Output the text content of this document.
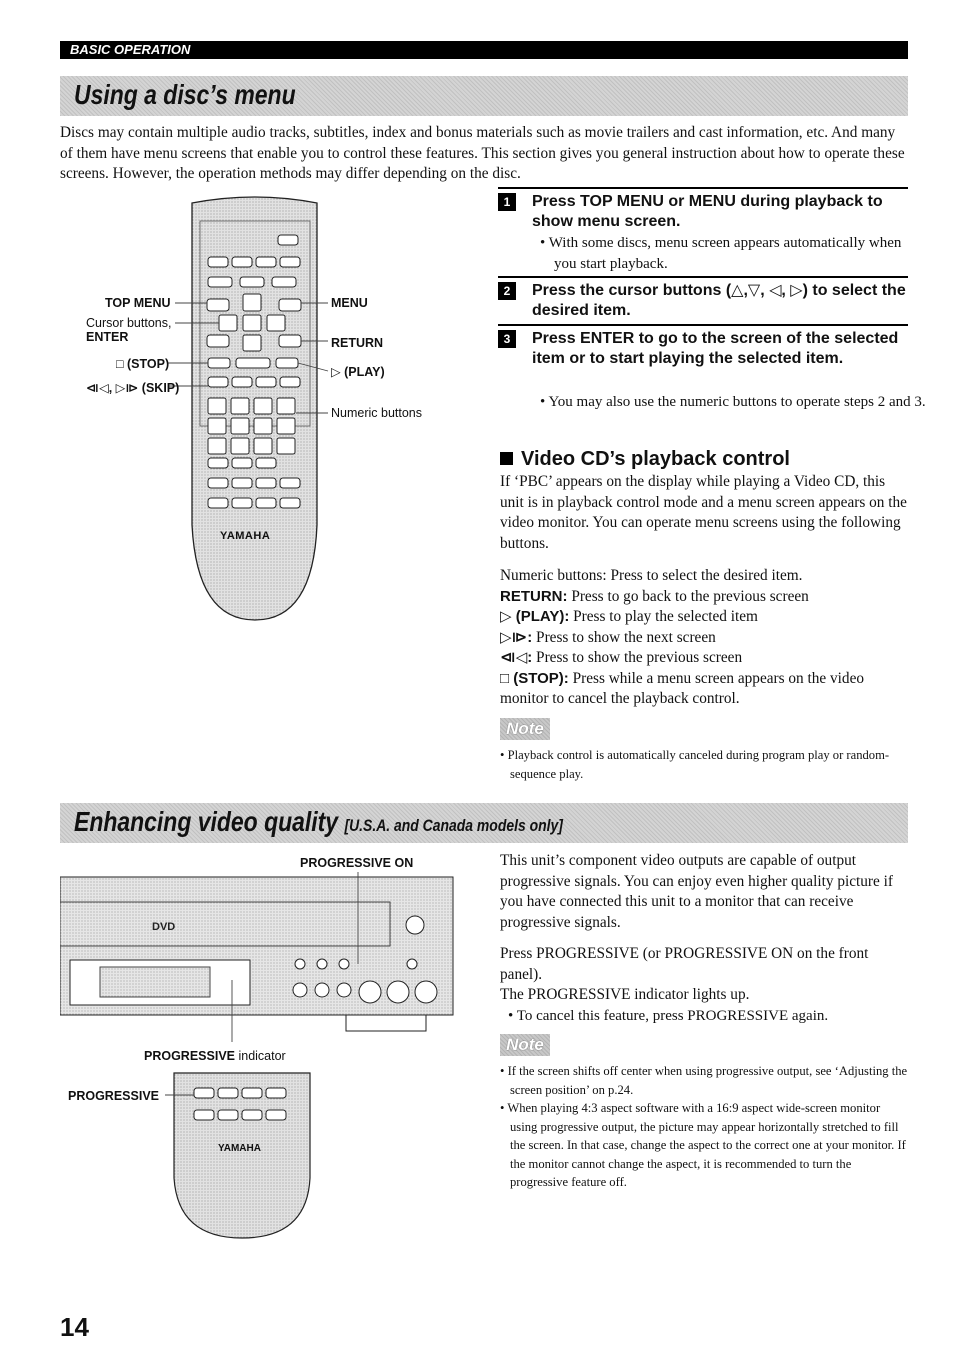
BASIC OPERATION
Using a disc’s menu
Discs may contain multiple audio tracks, subtitles, index and bonus materials such as movie trailers and cast information, etc. And many of them have menu screens that enable you to control these features. This section gives you general instruction about how to operate these screens. However, the operation methods may differ depending on the disc.
YAMAHA
TOP MENU
Cursor buttons,
ENTER
□ (STOP)
⧏◁, ▷⧐ (SKIP)
MENU
RETURN
▷ (PLAY)
Numeric buttons
1	Press TOP MENU or MENU during playback to show menu screen.
• With some discs, menu screen appears automatically when you start playback.
2	Press the cursor buttons (△,▽, ◁, ▷) to select the desired item.
3	Press ENTER to go to the screen of the selected item or to start playing the selected item.
• You may also use the numeric buttons to operate steps 2 and 3.
Video CD’s playback control
If ‘PBC’ appears on the display while playing a Video CD, this unit is in playback control mode and a menu screen appears on the video monitor. You can operate menu screens using the following buttons.
Numeric buttons: Press to select the desired item.
RETURN: Press to go back to the previous screen
▷ (PLAY): Press to play the selected item
▷⧐: Press to show the next screen
⧏◁: Press to show the previous screen
□ (STOP): Press while a menu screen appears on the video monitor to cancel the playback control.
Note
• Playback control is automatically canceled during program play or random-sequence play.
Enhancing video quality [U.S.A. and Canada models only]
PROGRESSIVE ON
DVD
PROGRESSIVE indicator
PROGRESSIVE
YAMAHA
This unit’s component video outputs are capable of output progressive signals. You can enjoy even higher quality picture if you have connected this unit to a monitor that can receive progressive signals.
Press PROGRESSIVE (or PROGRESSIVE ON on the front panel).
The PROGRESSIVE indicator lights up.
• To cancel this feature, press PROGRESSIVE again.
Note
• If the screen shifts off center when using progressive output, see ‘Adjusting the screen position’ on p.24.
• When playing 4:3 aspect software with a 16:9 aspect wide-screen monitor using progressive output, the picture may appear horizontally stretched to fill the screen. In that case, change the aspect to the correct one at your monitor. If the monitor cannot change the aspect, it is recommended to turn the progressive feature off.
14
